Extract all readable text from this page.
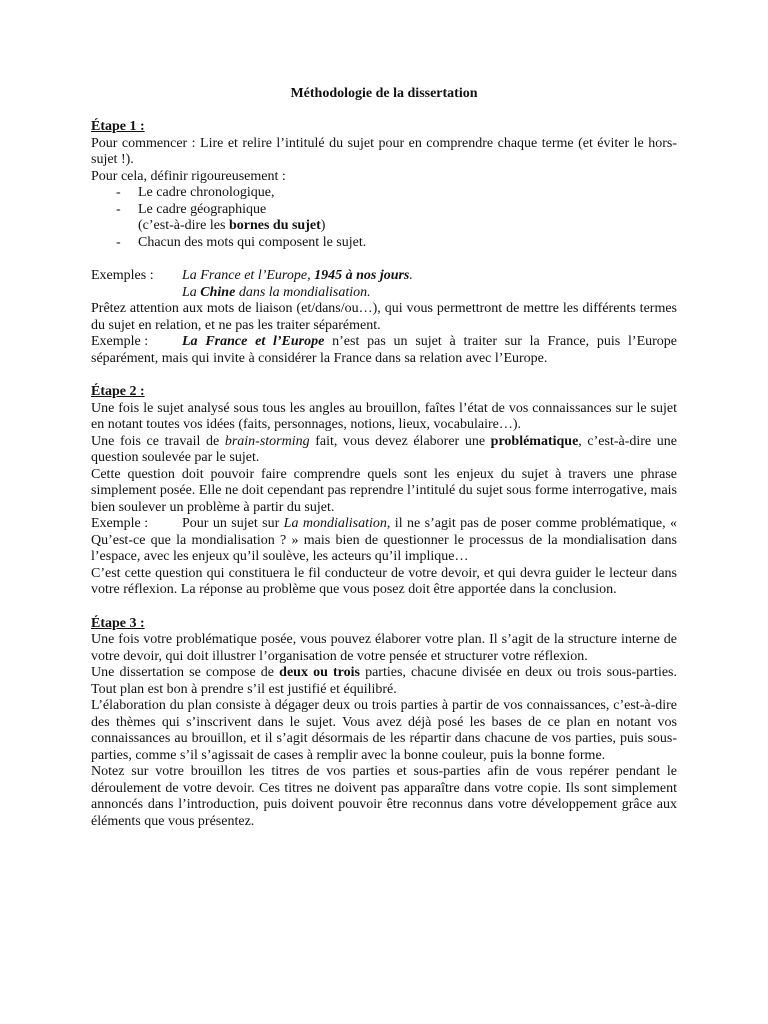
Méthodologie de la dissertation
Étape 1 :

Pour commencer : Lire et relire l’intitulé du sujet pour en comprendre chaque terme (et éviter le hors-sujet !).

Pour cela, définir rigoureusement :

- Le cadre chronologique,
- Le cadre géographique
(c’est-à-dire les bornes du sujet)
- Chacun des mots qui composent le sujet.
Exemples :	La France et l’Europe, 1945 à nos jours.
La Chine dans la mondialisation.

Prêtez attention aux mots de liaison (et/dans/ou…), qui vous permettront de mettre les différents termes du sujet en relation, et ne pas les traiter séparément.

Exemple : La France et l’Europe n’est pas un sujet à traiter sur la France, puis l’Europe séparément, mais qui invite à considérer la France dans sa relation avec l’Europe.

Étape 2 :

Une fois le sujet analysé sous tous les angles au brouillon, faîtes l’état de vos connaissances sur le sujet en notant toutes vos idées (faits, personnages, notions, lieux, vocabulaire…).

Une fois ce travail de brain-storming fait, vous devez élaborer une problématique, c’est-à-dire une question soulevée par le sujet.

Cette question doit pouvoir faire comprendre quels sont les enjeux du sujet à travers une phrase simplement posée. Elle ne doit cependant pas reprendre l’intitulé du sujet sous forme interrogative, mais bien soulever un problème à partir du sujet.

Exemple : Pour un sujet sur La mondialisation, il ne s’agit pas de poser comme problématique, « Qu’est-ce que la mondialisation ? » mais bien de questionner le processus de la mondialisation dans l’espace, avec les enjeux qu’il soulève, les acteurs qu’il implique…

C’est cette question qui constituera le fil conducteur de votre devoir, et qui devra guider le lecteur dans votre réflexion. La réponse au problème que vous posez doit être apportée dans la conclusion.

Étape 3 :

Une fois votre problématique posée, vous pouvez élaborer votre plan. Il s’agit de la structure interne de votre devoir, qui doit illustrer l’organisation de votre pensée et structurer votre réflexion.

Une dissertation se compose de deux ou trois parties, chacune divisée en deux ou trois sous-parties. Tout plan est bon à prendre s’il est justifié et équilibré.

L’élaboration du plan consiste à dégager deux ou trois parties à partir de vos connaissances, c’est-à-dire des thèmes qui s’inscrivent dans le sujet. Vous avez déjà posé les bases de ce plan en notant vos connaissances au brouillon, et il s’agit désormais de les répartir dans chacune de vos parties, puis sous-parties, comme s’il s’agissait de cases à remplir avec la bonne couleur, puis la bonne forme.

Notez sur votre brouillon les titres de vos parties et sous-parties afin de vous repérer pendant le déroulement de votre devoir. Ces titres ne doivent pas apparaître dans votre copie. Ils sont simplement annoncés dans l’introduction, puis doivent pouvoir être reconnus dans votre développement grâce aux éléments que vous présentez.
